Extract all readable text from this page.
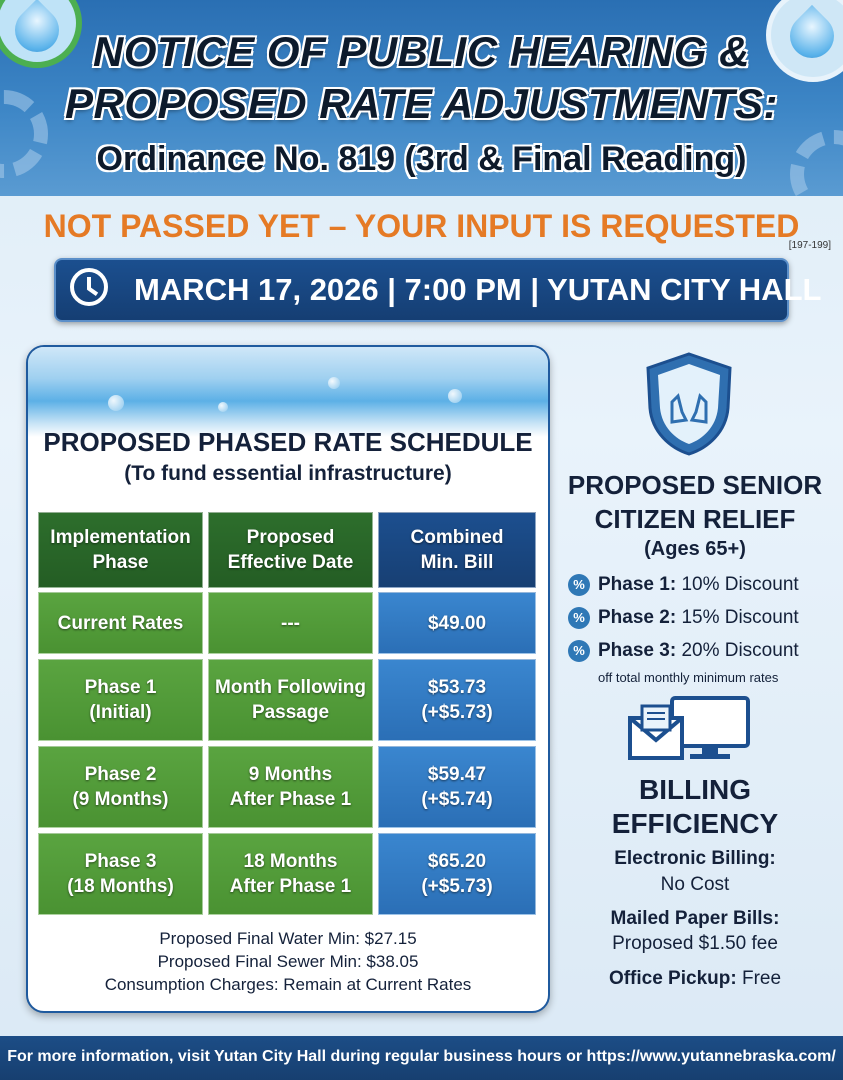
NOTICE OF PUBLIC HEARING &
PROPOSED RATE ADJUSTMENTS:
Ordinance No. 819 (3rd & Final Reading)
NOT PASSED YET – YOUR INPUT IS REQUESTED
[197-199]
MARCH 17, 2026 | 7:00 PM | YUTAN CITY HALL
PROPOSED PHASED RATE SCHEDULE
(To fund essential infrastructure)
Implementation
Phase
Proposed
Effective Date
Combined
Min. Bill
Current Rates	---	$49.00
Phase 1
(Initial)
Month Following
Passage
$53.73
(+$5.73)
Phase 2
(9 Months)
9 Months
After Phase 1
$59.47
(+$5.74)
Phase 3
(18 Months)
18 Months
After Phase 1
$65.20
(+$5.73)
Proposed Final Water Min: $27.15
Proposed Final Sewer Min: $38.05
Consumption Charges: Remain at Current Rates
PROPOSED SENIOR
CITIZEN RELIEF
(Ages 65+)
% Phase 1: 10% Discount
% Phase 2: 15% Discount
% Phase 3: 20% Discount
off total monthly minimum rates
BILLING
EFFICIENCY
Electronic Billing:
No Cost
Mailed Paper Bills:
Proposed $1.50 fee
Office Pickup: Free
For more information, visit Yutan City Hall during regular business hours or https://www.yutannebraska.com/
